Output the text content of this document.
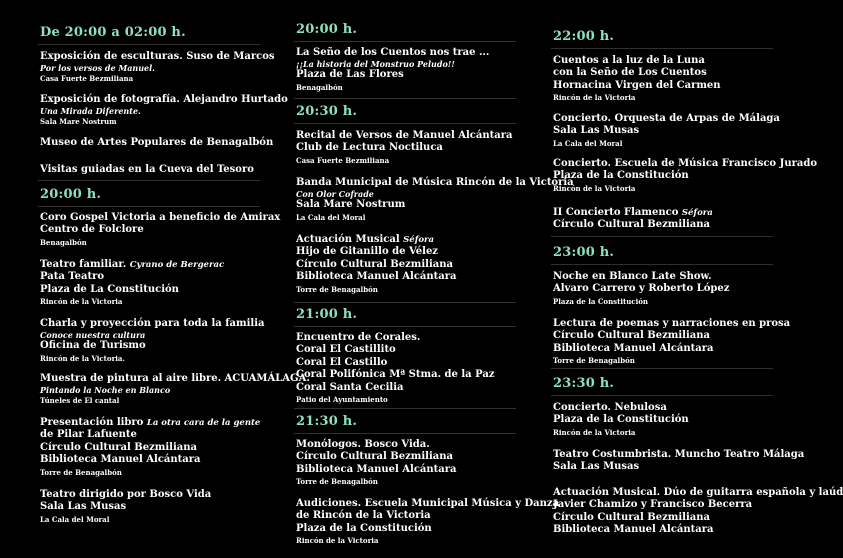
De 20:00 a 02:00 h.
Exposición de esculturas. Suso de Marcos
Por los versos de Manuel.
Casa Fuerte Bezmiliana
Exposición de fotografía. Alejandro Hurtado
Una Mirada Diferente.
Sala Mare Nostrum
Museo de Artes Populares de Benagalbón
Visitas guiadas en la Cueva del Tesoro
20:00 h.
Coro Gospel Victoria a beneficio de Amirax
Centro de Folclore
Benagalbón
Teatro familiar. Cyrano de Bergerac
Pata Teatro
Plaza de La Constitución
Rincón de la Victoria
Charla y proyección para toda la familia
Conoce nuestra cultura
Oficina de Turismo
Rincón de la Victoria.
Muestra de pintura al aire libre. ACUAMÁLAGA.
Pintando la Noche en Blanco
Túneles de El cantal
Presentación libro La otra cara de la gente
de Pilar Lafuente
Círculo Cultural Bezmiliana
Biblioteca Manuel Alcántara
Torre de Benagalbón
Teatro dirigido por Bosco Vida
Sala Las Musas
La Cala del Moral
20:00 h.
La Seño de los Cuentos nos trae ...
¡¡La historia del Monstruo Peludo!!
Plaza de Las Flores
Benagalbón
20:30 h.
Recital de Versos de Manuel Alcántara
Club de Lectura Noctiluca
Casa Fuerte Bezmiliana
Banda Municipal de Música Rincón de la Victoria
Con Olor Cofrade
Sala Mare Nostrum
La Cala del Moral
Actuación Musical Séfora
Hijo de Gitanillo de Vélez
Círculo Cultural Bezmiliana
Biblioteca Manuel Alcántara
Torre de Benagalbón
21:00 h.
Encuentro de Corales.
Coral El Castillito
Coral El Castillo
Coral Polifónica Mª Stma. de la Paz
Coral Santa Cecilia
Patio del Ayuntamiento
21:30 h.
Monólogos. Bosco Vida.
Círculo Cultural Bezmiliana
Biblioteca Manuel Alcántara
Torre de Benagalbón
Audiciones. Escuela Municipal Música y Danza
de Rincón de la Victoria
Plaza de la Constitución
Rincón de la Victoria
22:00 h.
Cuentos a la luz de la Luna
con la Seño de Los Cuentos
Hornacina Virgen del Carmen
Rincón de la Victoria
Concierto. Orquesta de Arpas de Málaga
Sala Las Musas
La Cala del Moral
Concierto. Escuela de Música Francisco Jurado
Plaza de la Constitución
Rincón de la Victoria
II Concierto Flamenco Séfora
Círculo Cultural Bezmiliana
23:00 h.
Noche en Blanco Late Show.
Alvaro Carrero y Roberto López
Plaza de la Constitución
Lectura de poemas y narraciones en prosa
Círculo Cultural Bezmiliana
Biblioteca Manuel Alcántara
Torre de Benagalbón
23:30 h.
Concierto. Nebulosa
Plaza de la Constitución
Rincón de la Victoria
Teatro Costumbrista. Muncho Teatro Málaga
Sala Las Musas
Actuación Musical. Dúo de guitarra española y laúd
Javier Chamizo y Francisco Becerra
Círculo Cultural Bezmiliana
Biblioteca Manuel Alcántara
